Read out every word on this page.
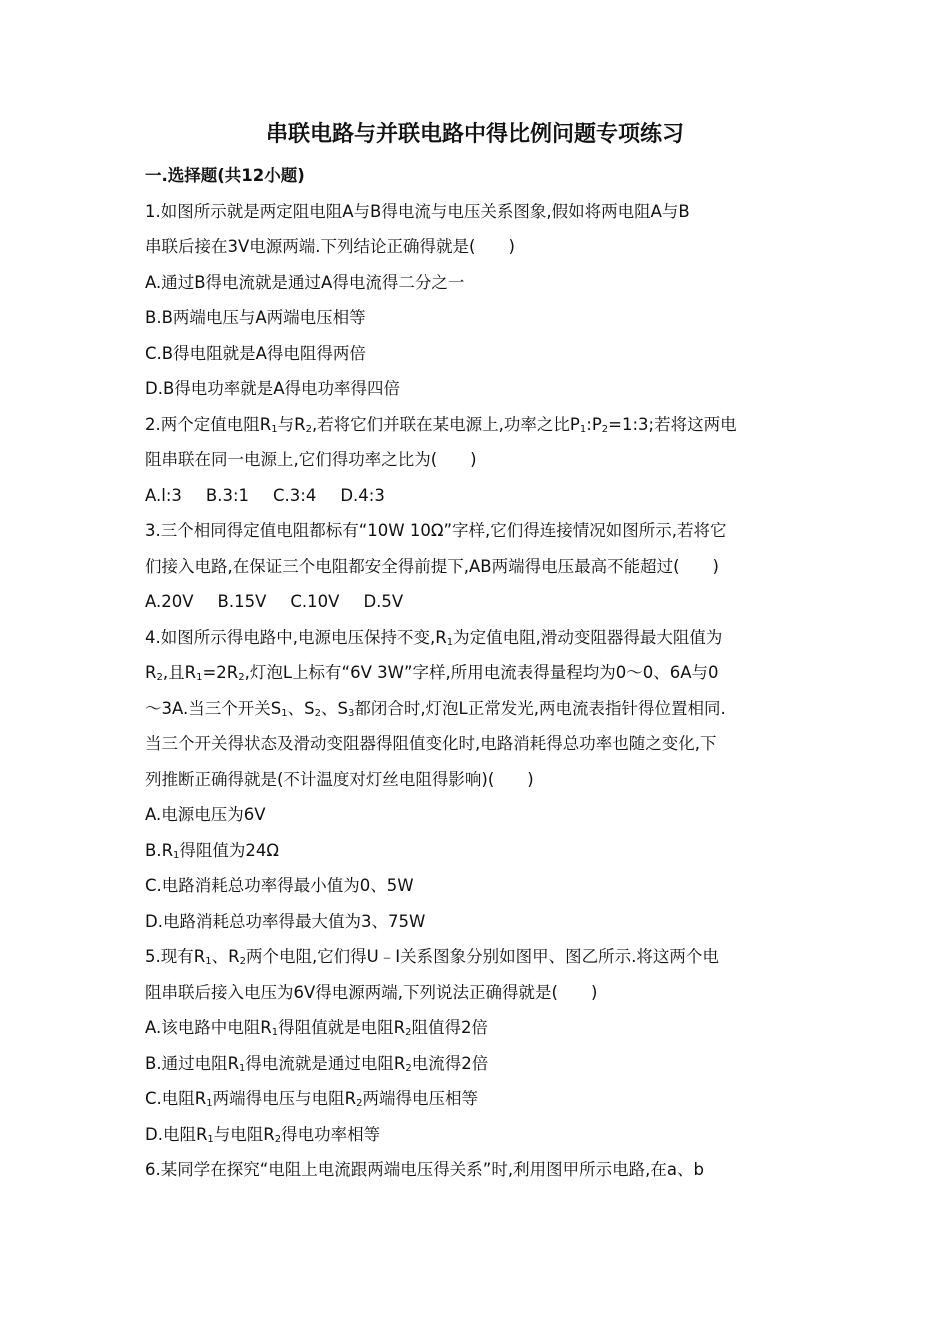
串联电路与并联电路中得比例问题专项练习
一.选择题(共12小题)
1.如图所示就是两定阻电阻A与B得电流与电压关系图象,假如将两电阻A与B
串联后接在3V电源两端.下列结论正确得就是(　　)
A.通过B得电流就是通过A得电流得二分之一
B.B两端电压与A两端电压相等
C.B得电阻就是A得电阻得两倍
D.B得电功率就是A得电功率得四倍
2.两个定值电阻$R_1$与$R_2$,若将它们并联在某电源上,功率之比$P_1:P_2=1:3$;若将这两电
阻串联在同一电源上,它们得功率之比为(　　)
A.l:3 B.3:1 C.3:4 D.4:3
3.三个相同得定值电阻都标有“10W 10Ω”字样,它们得连接情况如图所示,若将它
们接入电路,在保证三个电阻都安全得前提下,AB两端得电压最高不能超过(　　)
A.20V B.15V C.10V D.5V
4.如图所示得电路中,电源电压保持不变$,R_1$为定值电阻,滑动变阻器得最大阻值为
$R_2$,且$R_1=2R_2$,灯泡L上标有“6V 3W”字样,所用电流表得量程均为0～0、6A与0
～3A.当三个开关$S_1$、$S_2$、$S_3$都闭合时,灯泡L正常发光,两电流表指针得位置相同.
当三个开关得状态及滑动变阻器得阻值变化时,电路消耗得总功率也随之变化,下
列推断正确得就是(不计温度对灯丝电阻得影响)(　　)
A.电源电压为6V
$B.R_1$得阻值为24Ω
C.电路消耗总功率得最小值为0、5W
D.电路消耗总功率得最大值为3、75W
5.现有$R_1$、$R_2$两个电阻,它们得U﹣I关系图象分别如图甲、图乙所示.将这两个电
阻串联后接入电压为6V得电源两端,下列说法正确得就是(　　)
A.该电路中电阻$R_1$得阻值就是电阻$R_2$阻值得2倍
B.通过电阻$R_1$得电流就是通过电阻$R_2$电流得2倍
C.电阻$R_1$两端得电压与电阻$R_2$两端得电压相等
D.电阻$R_1$与电阻$R_2$得电功率相等
6.某同学在探究“电阻上电流跟两端电压得关系”时,利用图甲所示电路,在a、b
